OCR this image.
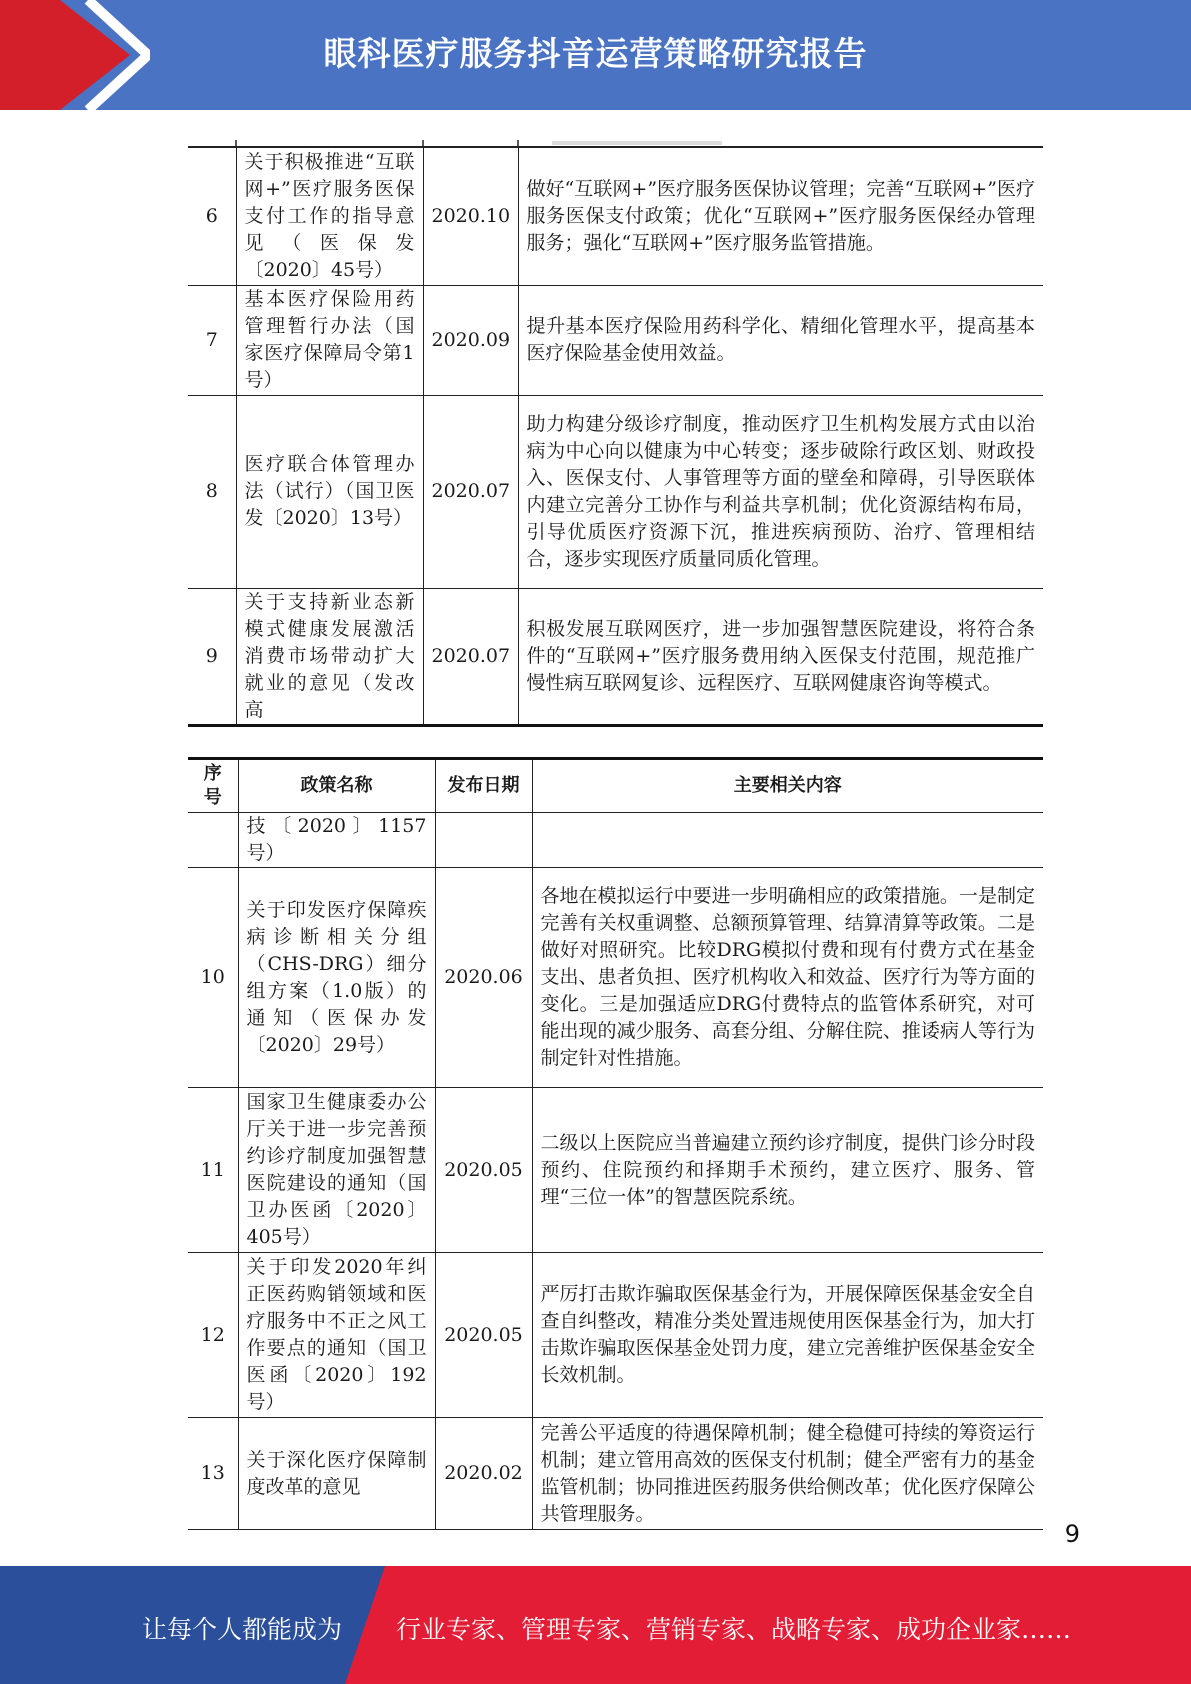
眼科医疗服务抖音运营策略研究报告
6	关于积极推进“互联网+”医疗服务医保支付工作的指导意见（医保发〔2020〕45号）	2020.10	做好“互联网+”医疗服务医保协议管理；完善“互联网+”医疗服务医保支付政策；优化“互联网+”医疗服务医保经办管理服务；强化“互联网+”医疗服务监管措施。
7	基本医疗保险用药管理暂行办法（国家医疗保障局令第1号）	2020.09	提升基本医疗保险用药科学化、精细化管理水平，提高基本医疗保险基金使用效益。
8	医疗联合体管理办法（试行）（国卫医发〔2020〕13号）	2020.07	助力构建分级诊疗制度，推动医疗卫生机构发展方式由以治病为中心向以健康为中心转变；逐步破除行政区划、财政投入、医保支付、人事管理等方面的壁垒和障碍，引导医联体内建立完善分工协作与利益共享机制；优化资源结构布局，引导优质医疗资源下沉，推进疾病预防、治疗、管理相结合，逐步实现医疗质量同质化管理。
9	关于支持新业态新模式健康发展激活消费市场带动扩大就业的意见（发改高	2020.07	积极发展互联网医疗，进一步加强智慧医院建设，将符合条件的“互联网+”医疗服务费用纳入医保支付范围，规范推广慢性病互联网复诊、远程医疗、互联网健康咨询等模式。
序号	政策名称	发布日期	主要相关内容
	技〔2020〕1157号）		
10	关于印发医疗保障疾病诊断相关分组（CHS-DRG）细分组方案（1.0版）的通知（医保办发〔2020〕29号）	2020.06	各地在模拟运行中要进一步明确相应的政策措施。一是制定完善有关权重调整、总额预算管理、结算清算等政策。二是做好对照研究。比较DRG模拟付费和现有付费方式在基金支出、患者负担、医疗机构收入和效益、医疗行为等方面的变化。三是加强适应DRG付费特点的监管体系研究，对可能出现的减少服务、高套分组、分解住院、推诿病人等行为制定针对性措施。
11	国家卫生健康委办公厅关于进一步完善预约诊疗制度加强智慧医院建设的通知（国卫办医函〔2020〕405号）	2020.05	二级以上医院应当普遍建立预约诊疗制度，提供门诊分时段预约、住院预约和择期手术预约，建立医疗、服务、管理“三位一体”的智慧医院系统。
12	关于印发2020年纠正医药购销领域和医疗服务中不正之风工作要点的通知（国卫医函〔2020〕192号）	2020.05	严厉打击欺诈骗取医保基金行为，开展保障医保基金安全自查自纠整改，精准分类处置违规使用医保基金行为，加大打击欺诈骗取医保基金处罚力度，建立完善维护医保基金安全长效机制。
13	关于深化医疗保障制度改革的意见	2020.02	完善公平适度的待遇保障机制；健全稳健可持续的筹资运行机制；建立管用高效的医保支付机制；健全严密有力的基金监管机制；协同推进医药服务供给侧改革；优化医疗保障公共管理服务。
9
让每个人都能成为 行业专家、管理专家、营销专家、战略专家、成功企业家……
